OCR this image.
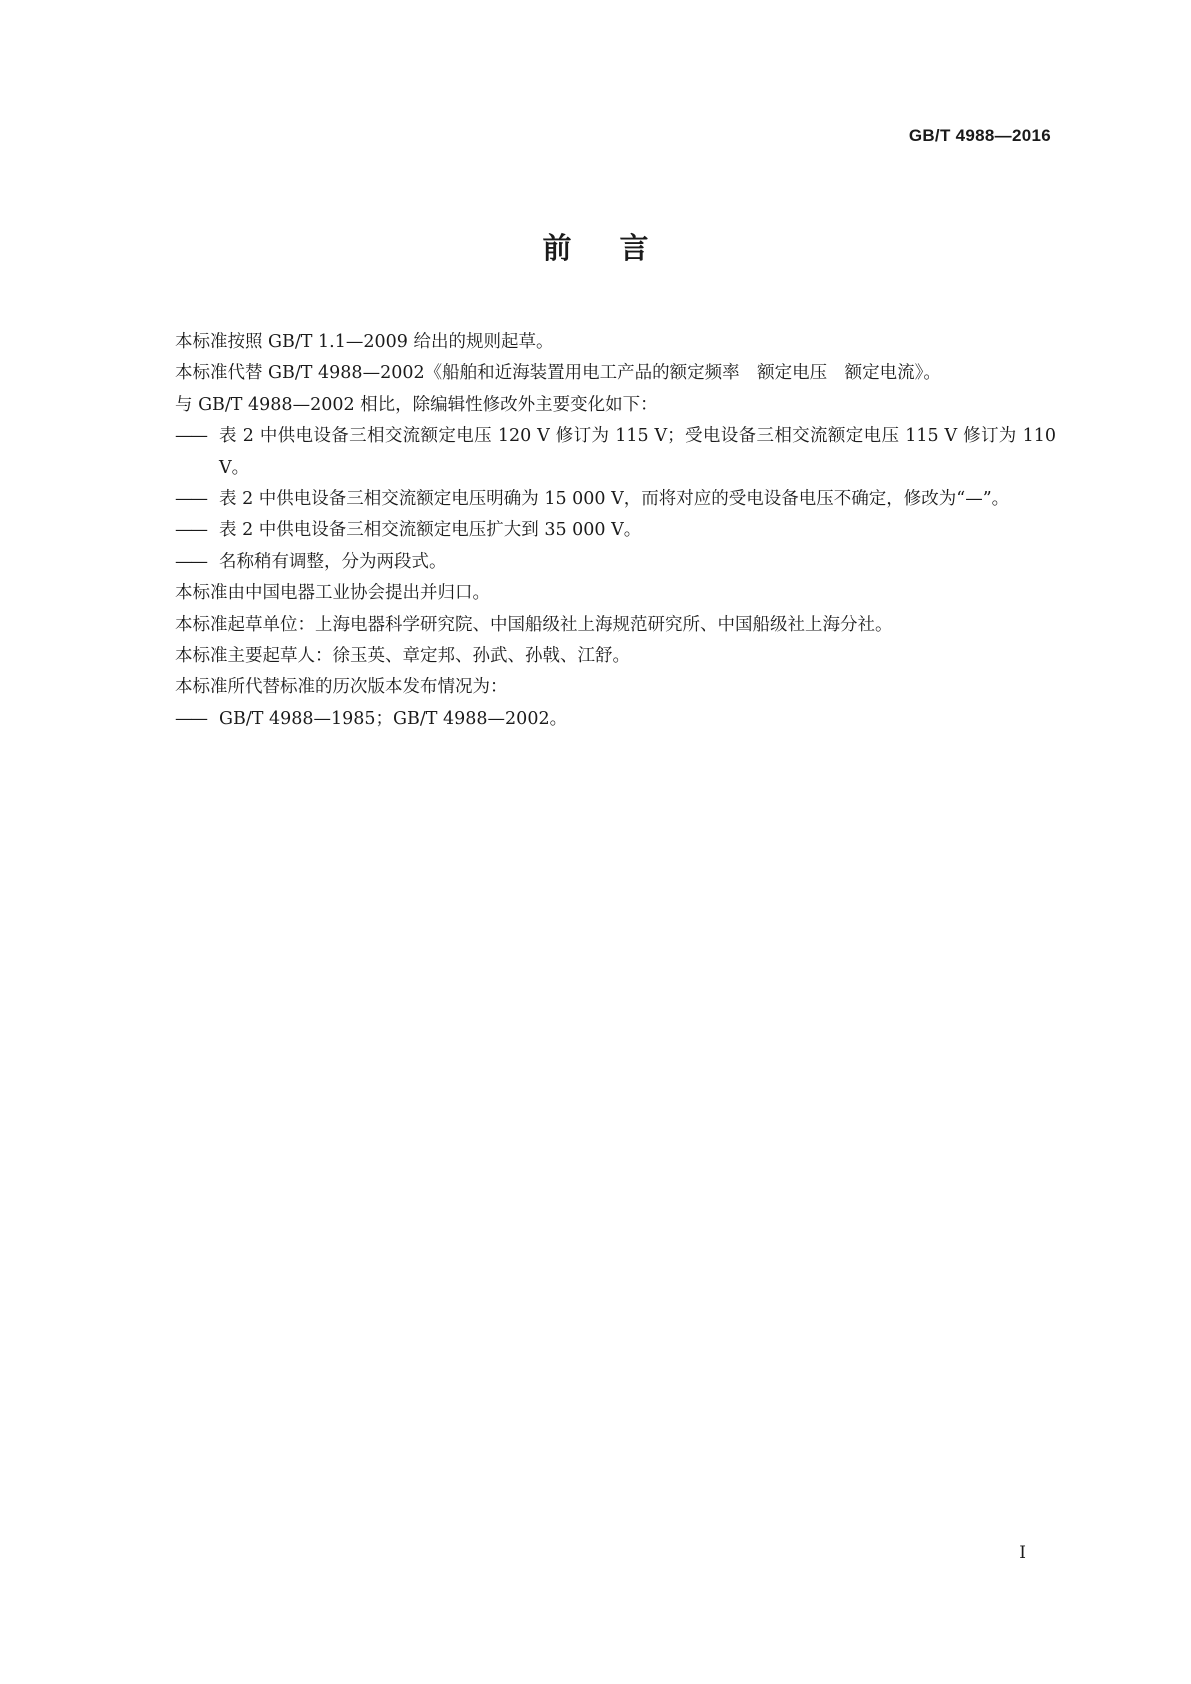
GB/T 4988—2016
前言
本标准按照 GB/T 1.1—2009 给出的规则起草。
本标准代替 GB/T 4988—2002《船舶和近海装置用电工产品的额定频率　额定电压　额定电流》。
与 GB/T 4988—2002 相比，除编辑性修改外主要变化如下：
—— 表 2 中供电设备三相交流额定电压 120 V 修订为 115 V；受电设备三相交流额定电压 115 V 修订为 110 V。
—— 表 2 中供电设备三相交流额定电压明确为 15 000 V，而将对应的受电设备电压不确定，修改为“—”。
—— 表 2 中供电设备三相交流额定电压扩大到 35 000 V。
—— 名称稍有调整，分为两段式。
本标准由中国电器工业协会提出并归口。
本标准起草单位：上海电器科学研究院、中国船级社上海规范研究所、中国船级社上海分社。
本标准主要起草人：徐玉英、章定邦、孙武、孙戟、江舒。
本标准所代替标准的历次版本发布情况为：
—— GB/T 4988—1985；GB/T 4988—2002。
I
